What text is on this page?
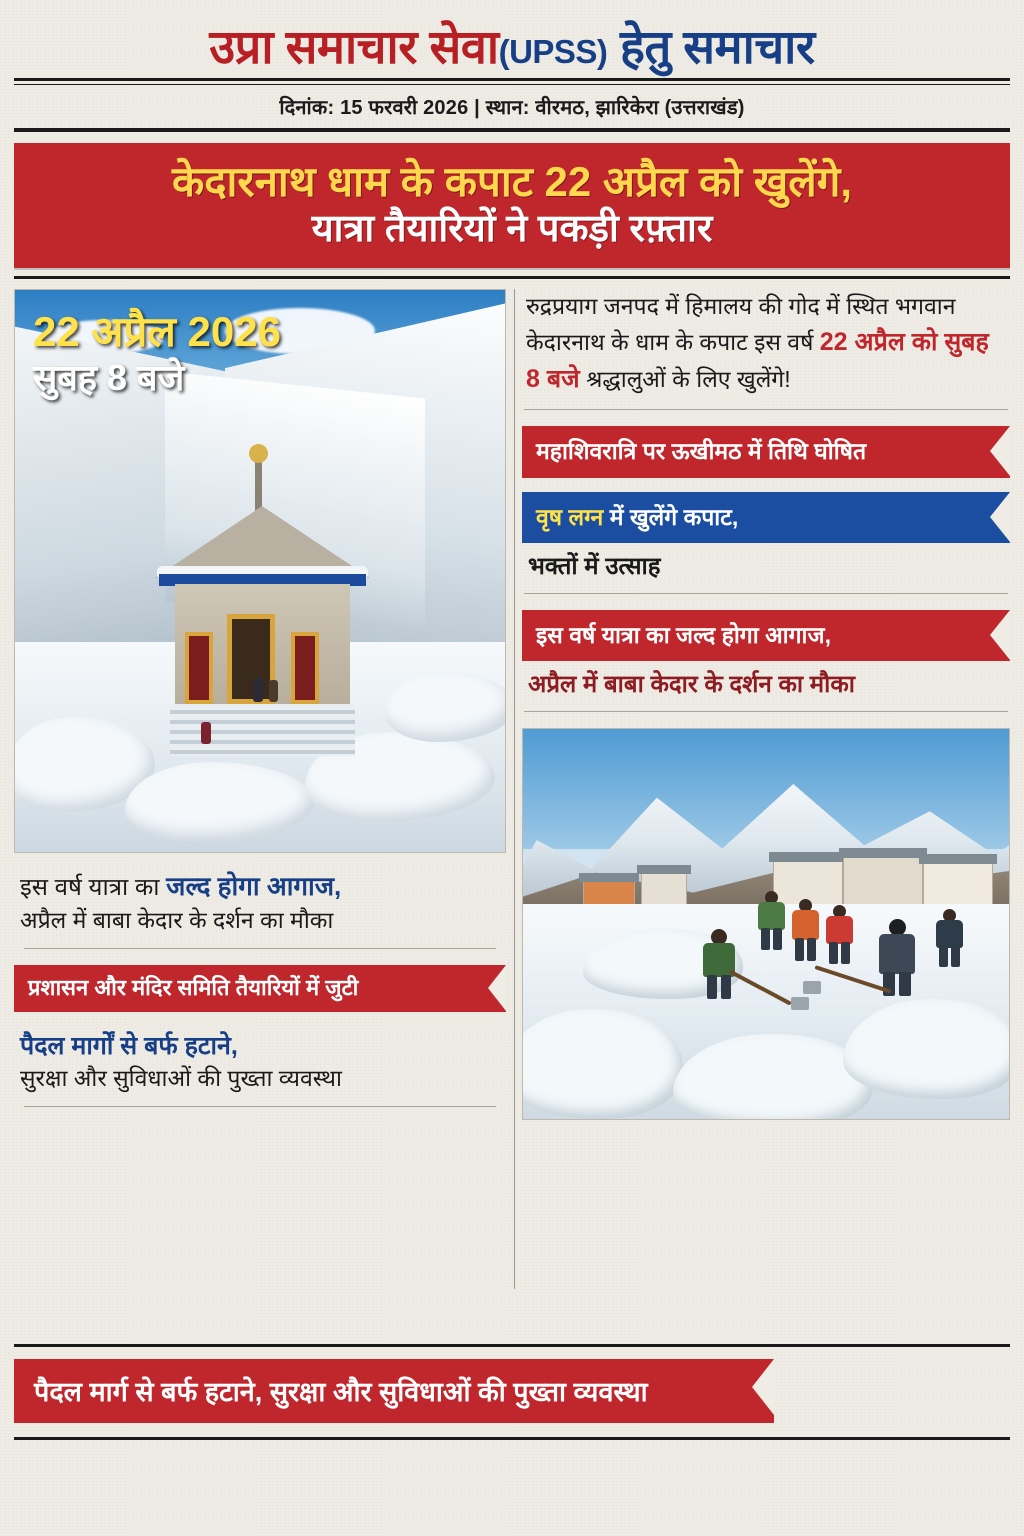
उप्रा समाचार सेवा(UPSS) हेतु समाचार
दिनांक: 15 फरवरी 2026 | स्थान: वीरमठ, झारिकेरा (उत्तराखंड)
केदारनाथ धाम के कपाट 22 अप्रैल को खुलेंगे,
यात्रा तैयारियों ने पकड़ी रफ़्तार
22 अप्रैल 2026
सुबह 8 बजे
इस वर्ष यात्रा का जल्द होगा आगाज,
अप्रैल में बाबा केदार के दर्शन का मौका
प्रशासन और मंदिर समिति तैयारियों में जुटी
पैदल मार्गों से बर्फ हटाने,
सुरक्षा और सुविधाओं की पुख्ता व्यवस्था
रुद्रप्रयाग जनपद में हिमालय की गोद में स्थित भगवान केदारनाथ के धाम के कपाट इस वर्ष 22 अप्रैल को सुबह 8 बजे श्रद्धालुओं के लिए खुलेंगे!
महाशिवरात्रि पर ऊखीमठ में तिथि घोषित
वृष लग्न में खुलेंगे कपाट,
भक्तों में उत्साह
इस वर्ष यात्रा का जल्द होगा आगाज,
अप्रैल में बाबा केदार के दर्शन का मौका
पैदल मार्ग से बर्फ हटाने, सुरक्षा और सुविधाओं की पुख्ता व्यवस्था
